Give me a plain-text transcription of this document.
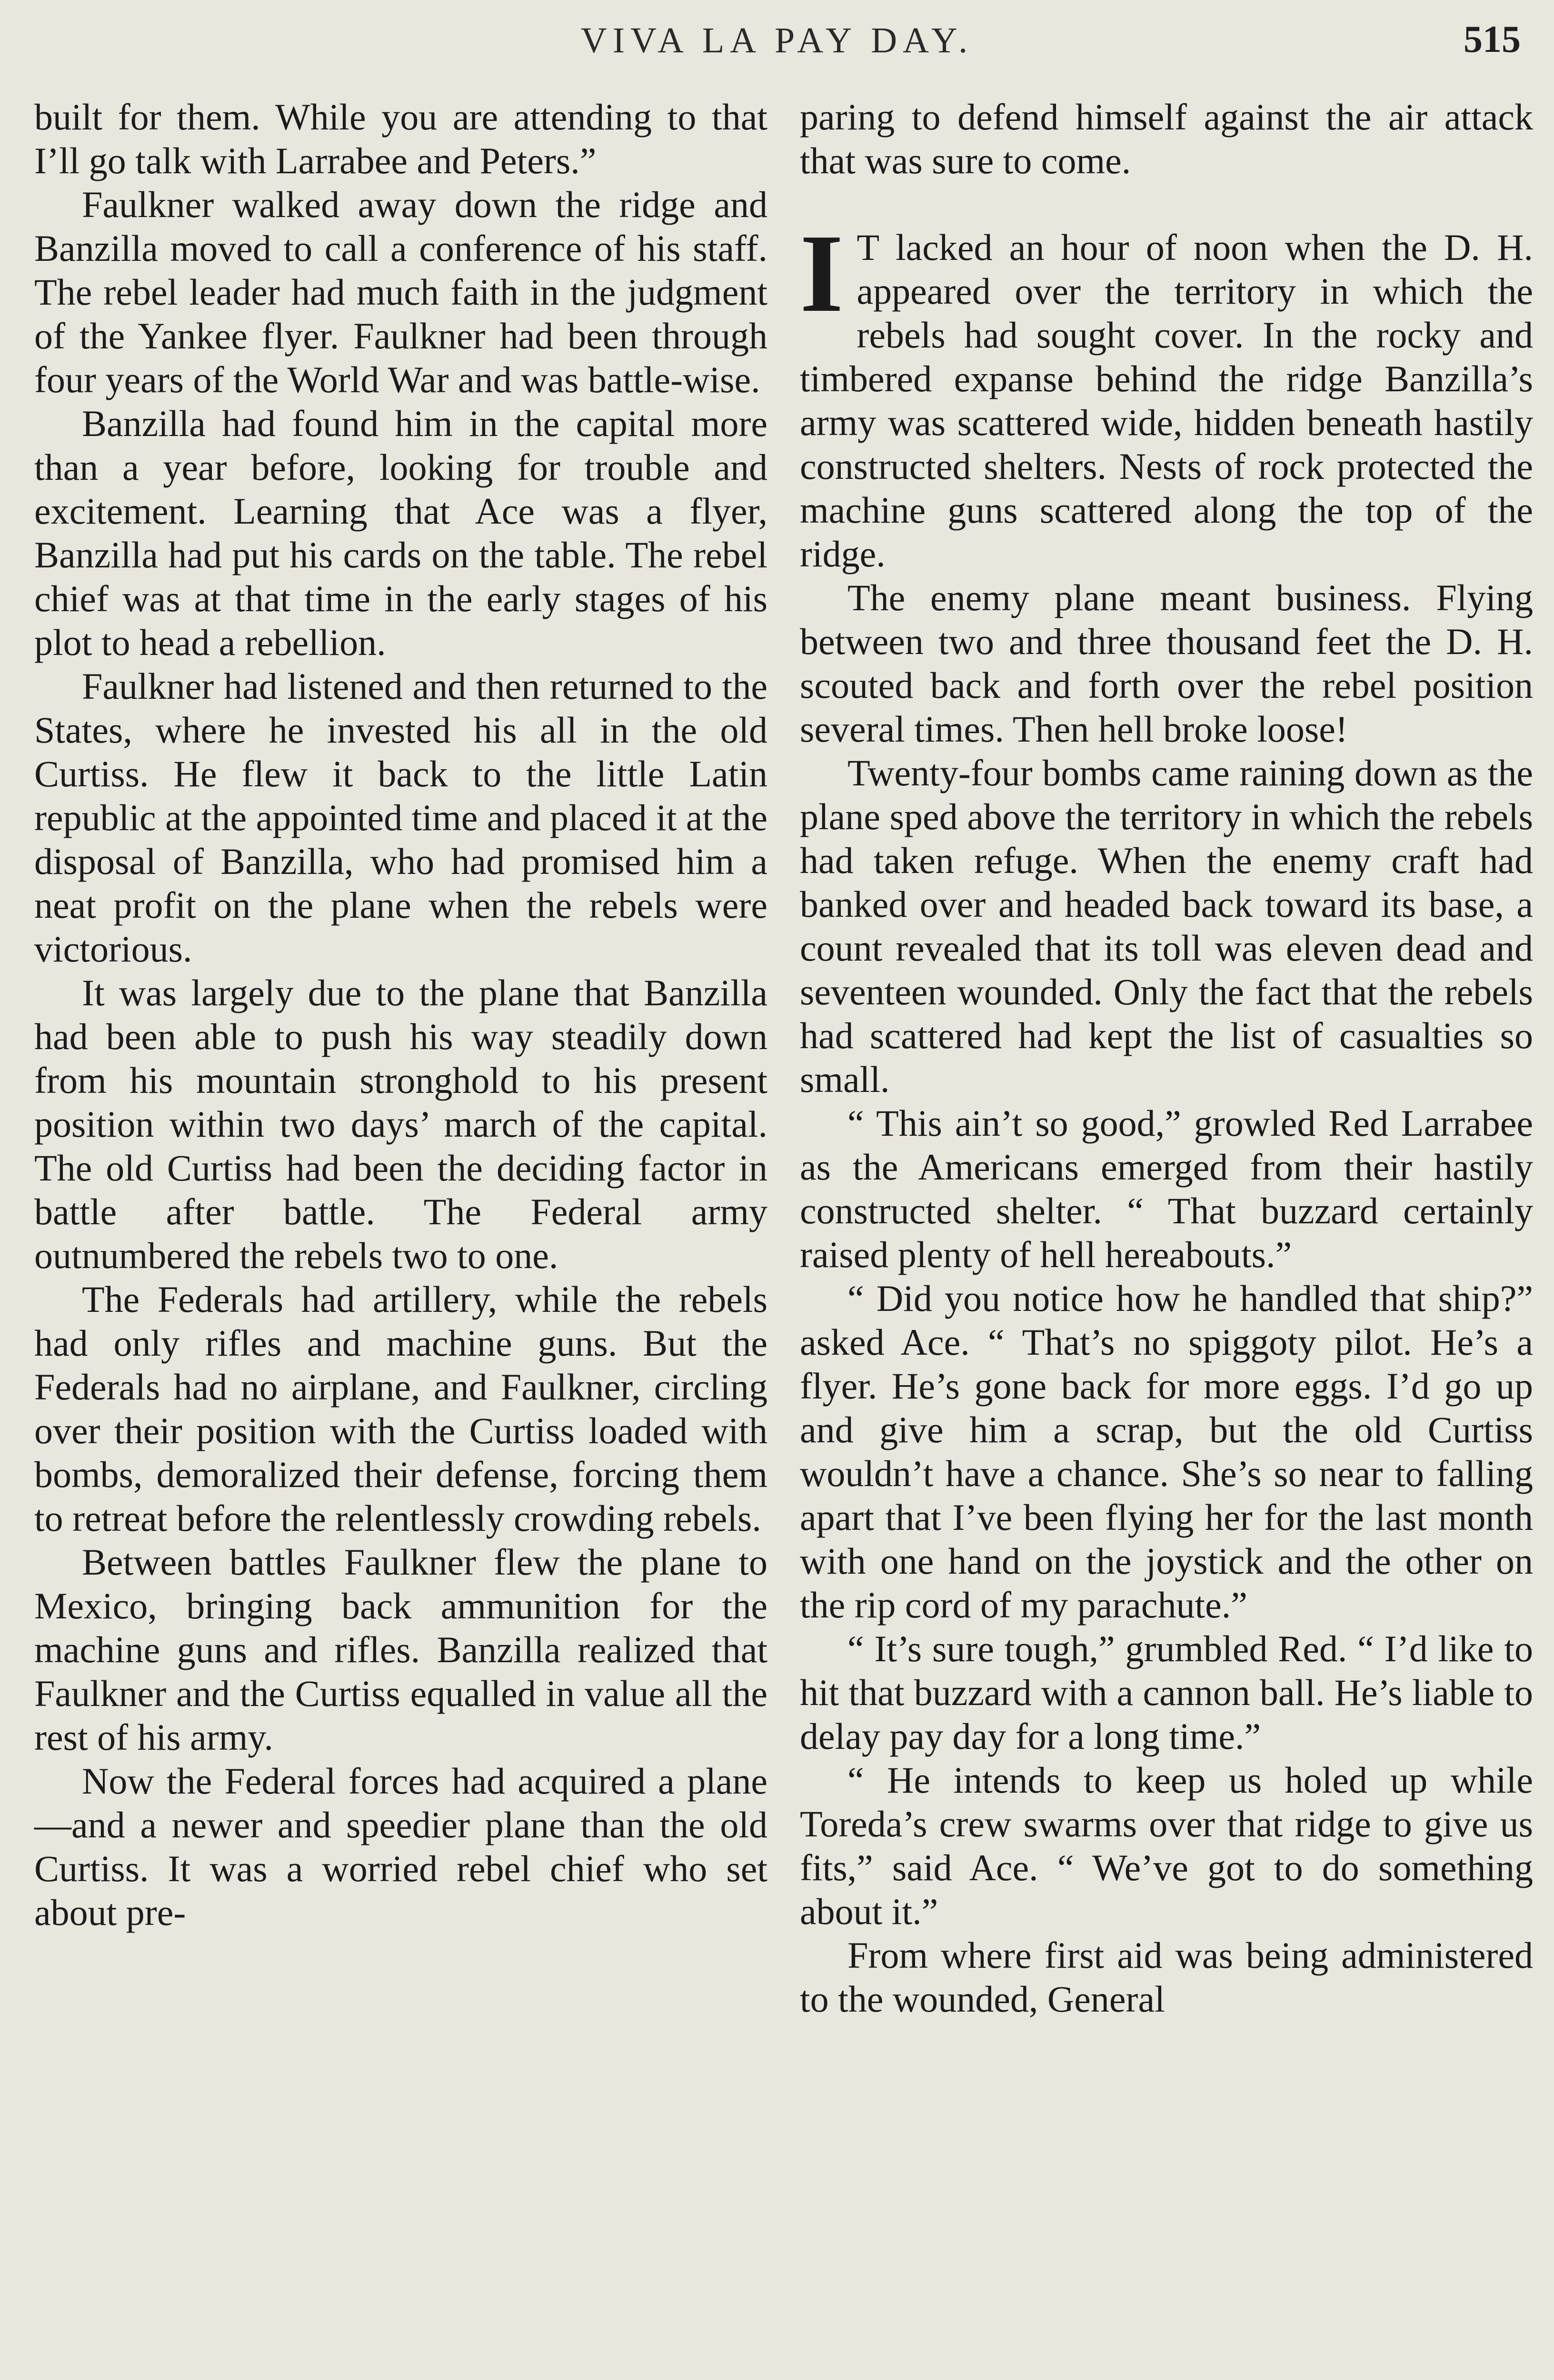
VIVA LA PAY DAY.	515

built for them. While you are attending to that I’ll go talk with Larrabee and Peters.”

Faulkner walked away down the ridge and Banzilla moved to call a conference of his staff. The rebel leader had much faith in the judgment of the Yankee flyer. Faulkner had been through four years of the World War and was battle-wise.

Banzilla had found him in the capital more than a year before, looking for trouble and excitement. Learning that Ace was a flyer, Banzilla had put his cards on the table. The rebel chief was at that time in the early stages of his plot to head a rebellion.

Faulkner had listened and then returned to the States, where he invested his all in the old Curtiss. He flew it back to the little Latin republic at the appointed time and placed it at the disposal of Banzilla, who had promised him a neat profit on the plane when the rebels were victorious.

It was largely due to the plane that Banzilla had been able to push his way steadily down from his mountain stronghold to his present position within two days’ march of the capital. The old Curtiss had been the deciding factor in battle after battle. The Federal army outnumbered the rebels two to one.

The Federals had artillery, while the rebels had only rifles and machine guns. But the Federals had no airplane, and Faulkner, circling over their position with the Curtiss loaded with bombs, demoralized their defense, forcing them to retreat before the relentlessly crowding rebels.

Between battles Faulkner flew the plane to Mexico, bringing back ammunition for the machine guns and rifles. Banzilla realized that Faulkner and the Curtiss equalled in value all the rest of his army.

Now the Federal forces had acquired a plane—and a newer and speedier plane than the old Curtiss. It was a worried rebel chief who set about pre-

paring to defend himself against the air attack that was sure to come.

I T lacked an hour of noon when the D. H. appeared over the territory in which the rebels had sought cover. In the rocky and timbered expanse behind the ridge Banzilla’s army was scattered wide, hidden beneath hastily constructed shelters. Nests of rock protected the machine guns scattered along the top of the ridge.

The enemy plane meant business. Flying between two and three thousand feet the D. H. scouted back and forth over the rebel position several times. Then hell broke loose!

Twenty-four bombs came raining down as the plane sped above the territory in which the rebels had taken refuge. When the enemy craft had banked over and headed back toward its base, a count revealed that its toll was eleven dead and seventeen wounded. Only the fact that the rebels had scattered had kept the list of casualties so small.

“ This ain’t so good,” growled Red Larrabee as the Americans emerged from their hastily constructed shelter. “ That buzzard certainly raised plenty of hell hereabouts.”

“ Did you notice how he handled that ship?” asked Ace. “ That’s no spiggoty pilot. He’s a flyer. He’s gone back for more eggs. I’d go up and give him a scrap, but the old Curtiss wouldn’t have a chance. She’s so near to falling apart that I’ve been flying her for the last month with one hand on the joystick and the other on the rip cord of my parachute.”

“ It’s sure tough,” grumbled Red. “ I’d like to hit that buzzard with a cannon ball. He’s liable to delay pay day for a long time.”

“ He intends to keep us holed up while Toreda’s crew swarms over that ridge to give us fits,” said Ace. “ We’ve got to do something about it.”

From where first aid was being administered to the wounded, General
